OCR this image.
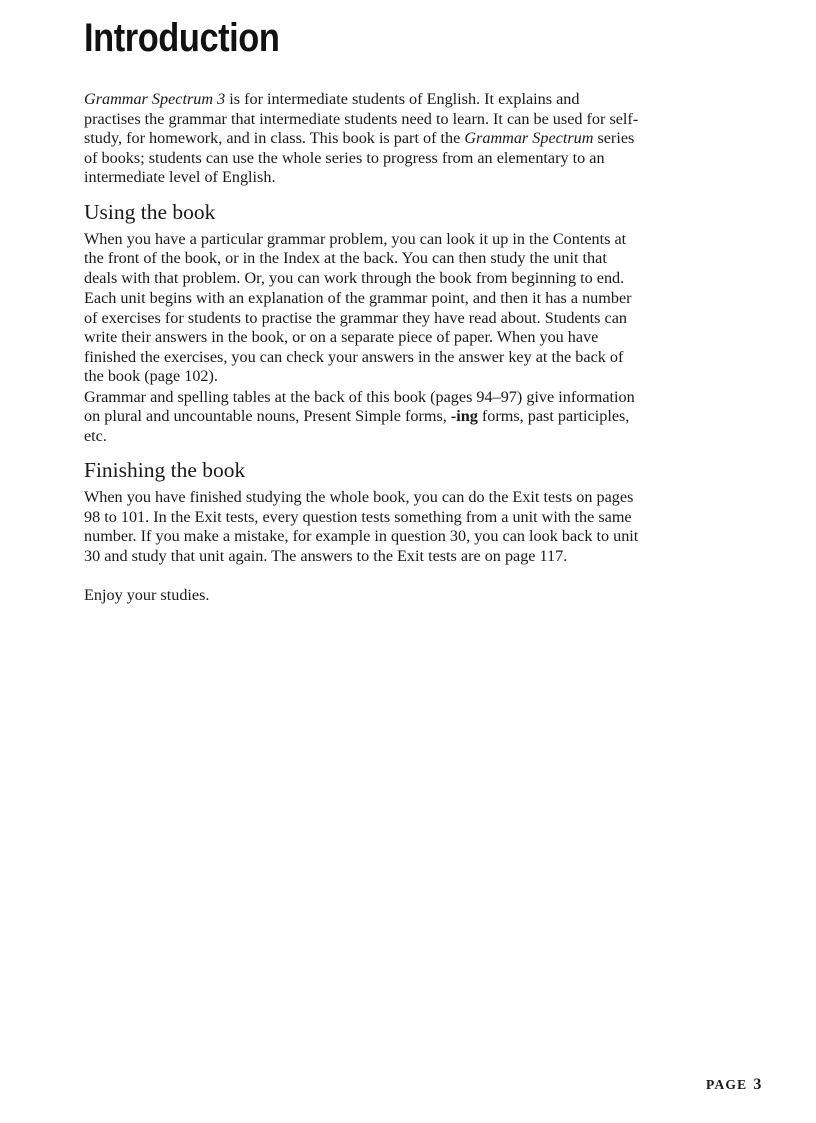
Introduction

Grammar Spectrum 3 is for intermediate students of English. It explains and practises the grammar that intermediate students need to learn. It can be used for self-study, for homework, and in class. This book is part of the Grammar Spectrum series of books; students can use the whole series to progress from an elementary to an intermediate level of English.

Using the book

When you have a particular grammar problem, you can look it up in the Contents at the front of the book, or in the Index at the back. You can then study the unit that deals with that problem. Or, you can work through the book from beginning to end.

Each unit begins with an explanation of the grammar point, and then it has a number of exercises for students to practise the grammar they have read about. Students can write their answers in the book, or on a separate piece of paper. When you have finished the exercises, you can check your answers in the answer key at the back of the book (page 102).

Grammar and spelling tables at the back of this book (pages 94–97) give information on plural and uncountable nouns, Present Simple forms, -ing forms, past participles, etc.

Finishing the book

When you have finished studying the whole book, you can do the Exit tests on pages 98 to 101. In the Exit tests, every question tests something from a unit with the same number. If you make a mistake, for example in question 30, you can look back to unit 30 and study that unit again. The answers to the Exit tests are on page 117.

Enjoy your studies.

PAGE 3
